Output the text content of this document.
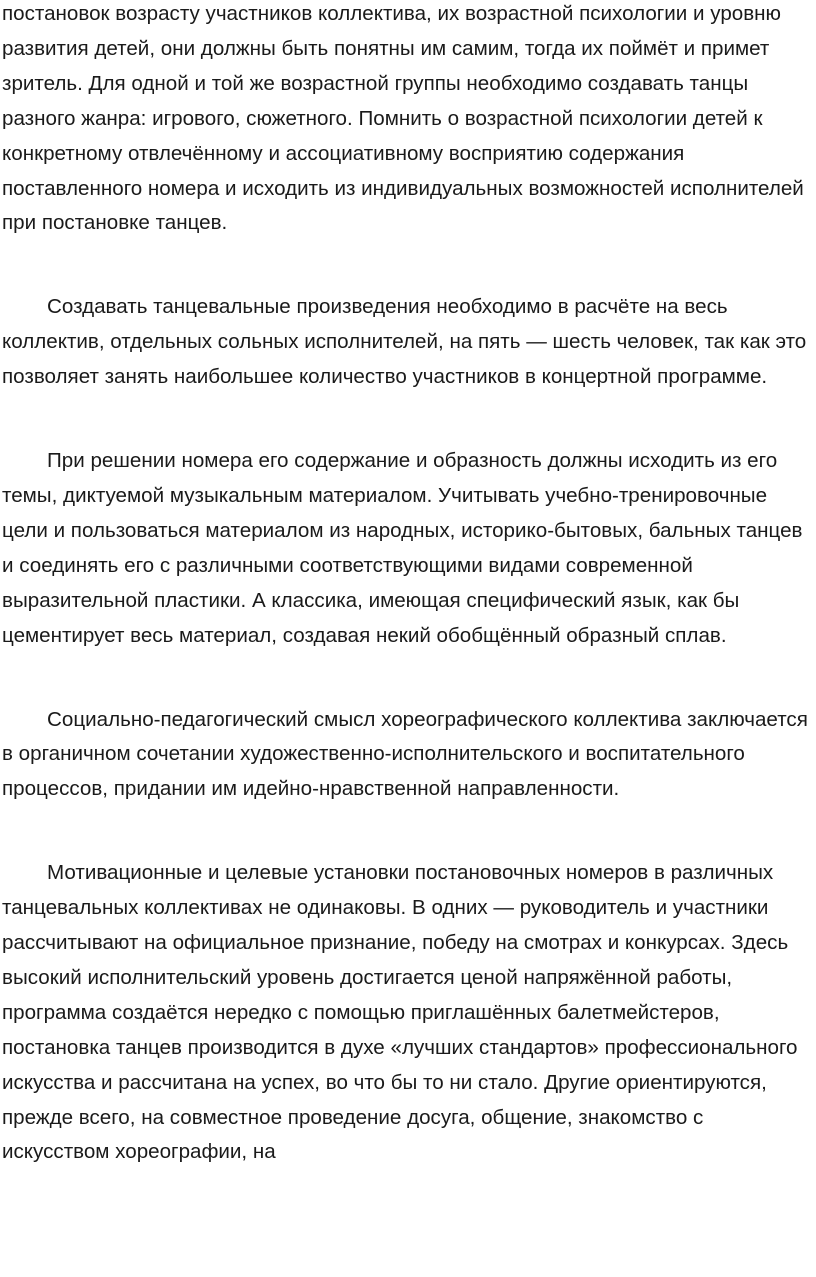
постановок возрасту участников коллектива, их возрастной психологии и уровню развития детей, они должны быть понятны им самим, тогда их поймёт и примет зритель. Для одной и той же возрастной группы необходимо создавать танцы разного жанра: игрового, сюжетного. Помнить о возрастной психологии детей к конкретному отвлечённому и ассоциативному восприятию содержания поставленного номера и исходить из индивидуальных возможностей исполнителей при постановке танцев.

Создавать танцевальные произведения необходимо в расчёте на весь коллектив, отдельных сольных исполнителей, на пять — шесть человек, так как это позволяет занять наибольшее количество участников в концертной программе.

При решении номера его содержание и образность должны исходить из его темы, диктуемой музыкальным материалом. Учитывать учебно-тренировочные цели и пользоваться материалом из народных, историко-бытовых, бальных танцев и соединять его с различными соответствующими видами современной выразительной пластики. А классика, имеющая специфический язык, как бы цементирует весь материал, создавая некий обобщённый образный сплав.

Социально-педагогический смысл хореографического коллектива заключается в органичном сочетании художественно-исполнительского и воспитательного процессов, придании им идейно-нравственной направленности.

Мотивационные и целевые установки постановочных номеров в различных танцевальных коллективах не одинаковы. В одних — руководитель и участники рассчитывают на официальное признание, победу на смотрах и конкурсах. Здесь высокий исполнительский уровень достигается ценой напряжённой работы, программа создаётся нередко с помощью приглашённых балетмейстеров, постановка танцев производится в духе «лучших стандартов» профессионального искусства и рассчитана на успех, во что бы то ни стало. Другие ориентируются, прежде всего, на совместное проведение досуга, общение, знакомство с искусством хореографии, на
